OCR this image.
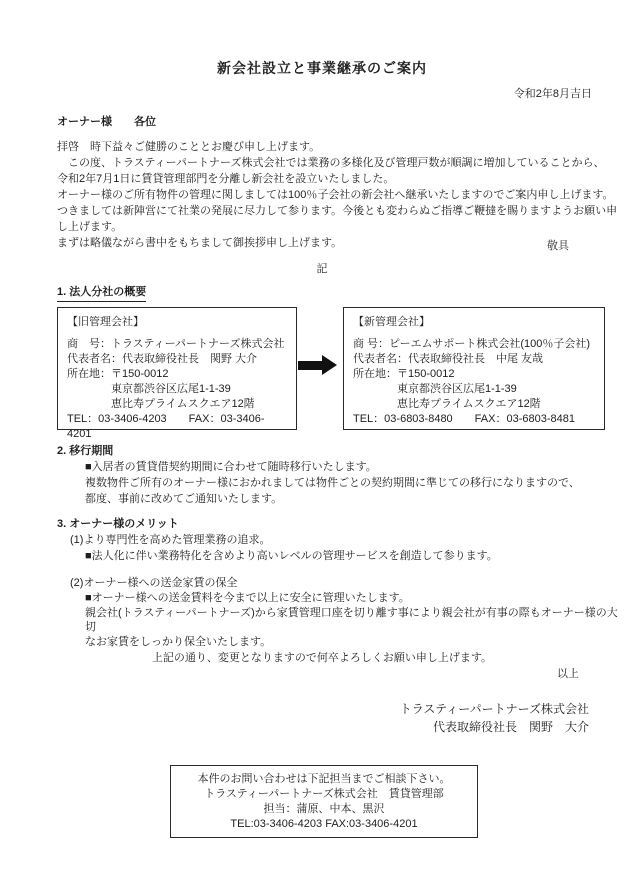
新会社設立と事業継承のご案内
令和2年8月吉日
オーナー様　　各位
拝啓　時下益々ご健勝のこととお慶び申し上げます。
　この度、トラスティーパートナーズ株式会社では業務の多様化及び管理戸数が順調に増加していることから、
令和2年7月1日に賃貸管理部門を分離し新会社を設立いたしました。
オーナー様のご所有物件の管理に関しましては100％子会社の新会社へ継承いたしますのでご案内申し上げます。
つきましては新陣営にて社業の発展に尽力して参ります。今後とも変わらぬご指導ご鞭撻を賜りますようお願い申し上げます。
まずは略儀ながら書中をもちまして御挨拶申し上げます。	敬具
記
1. 法人分社の概要
【旧管理会社】
商　号：トラスティーパートナーズ株式会社
代表者名：代表取締役社長　関野 大介
所在地：〒150-0012
東京都渋谷区広尾1-1-39
恵比寿プライムスクエア12階
TEL：03-3406-4203　　FAX：03-3406-4201
【新管理会社】
商 号：ピーエムサポート株式会社(100％子会社)
代表者名：代表取締役社長　中尾 友哉
所在地：〒150-0012
東京都渋谷区広尾1-1-39
恵比寿プライムスクエア12階
TEL：03-6803-8480　　FAX：03-6803-8481
2. 移行期間
■入居者の賃貸借契約期間に合わせて随時移行いたします。
複数物件ご所有のオーナー様におかれましては物件ごとの契約期間に準じての移行になりますので、
都度、事前に改めてご通知いたします。
3. オーナー様のメリット
(1)より専門性を高めた管理業務の追求。
■法人化に伴い業務特化を含めより高いレベルの管理サービスを創造して参ります。
(2)オーナー様への送金家賃の保全
■オーナー様への送金賃料を今まで以上に安全に管理いたします。
親会社(トラスティーパートナーズ)から家賃管理口座を切り離す事により親会社が有事の際もオーナー様の大切
なお家賃をしっかり保全いたします。
上記の通り、変更となりますので何卒よろしくお願い申し上げます。
以上
トラスティーパートナーズ株式会社
代表取締役社長　関野　大介
本件のお問い合わせは下記担当までご相談下さい。
トラスティーパートナーズ株式会社　賃貸管理部
担当：蒲原、中本、黒沢
TEL:03-3406-4203 FAX:03-3406-4201
